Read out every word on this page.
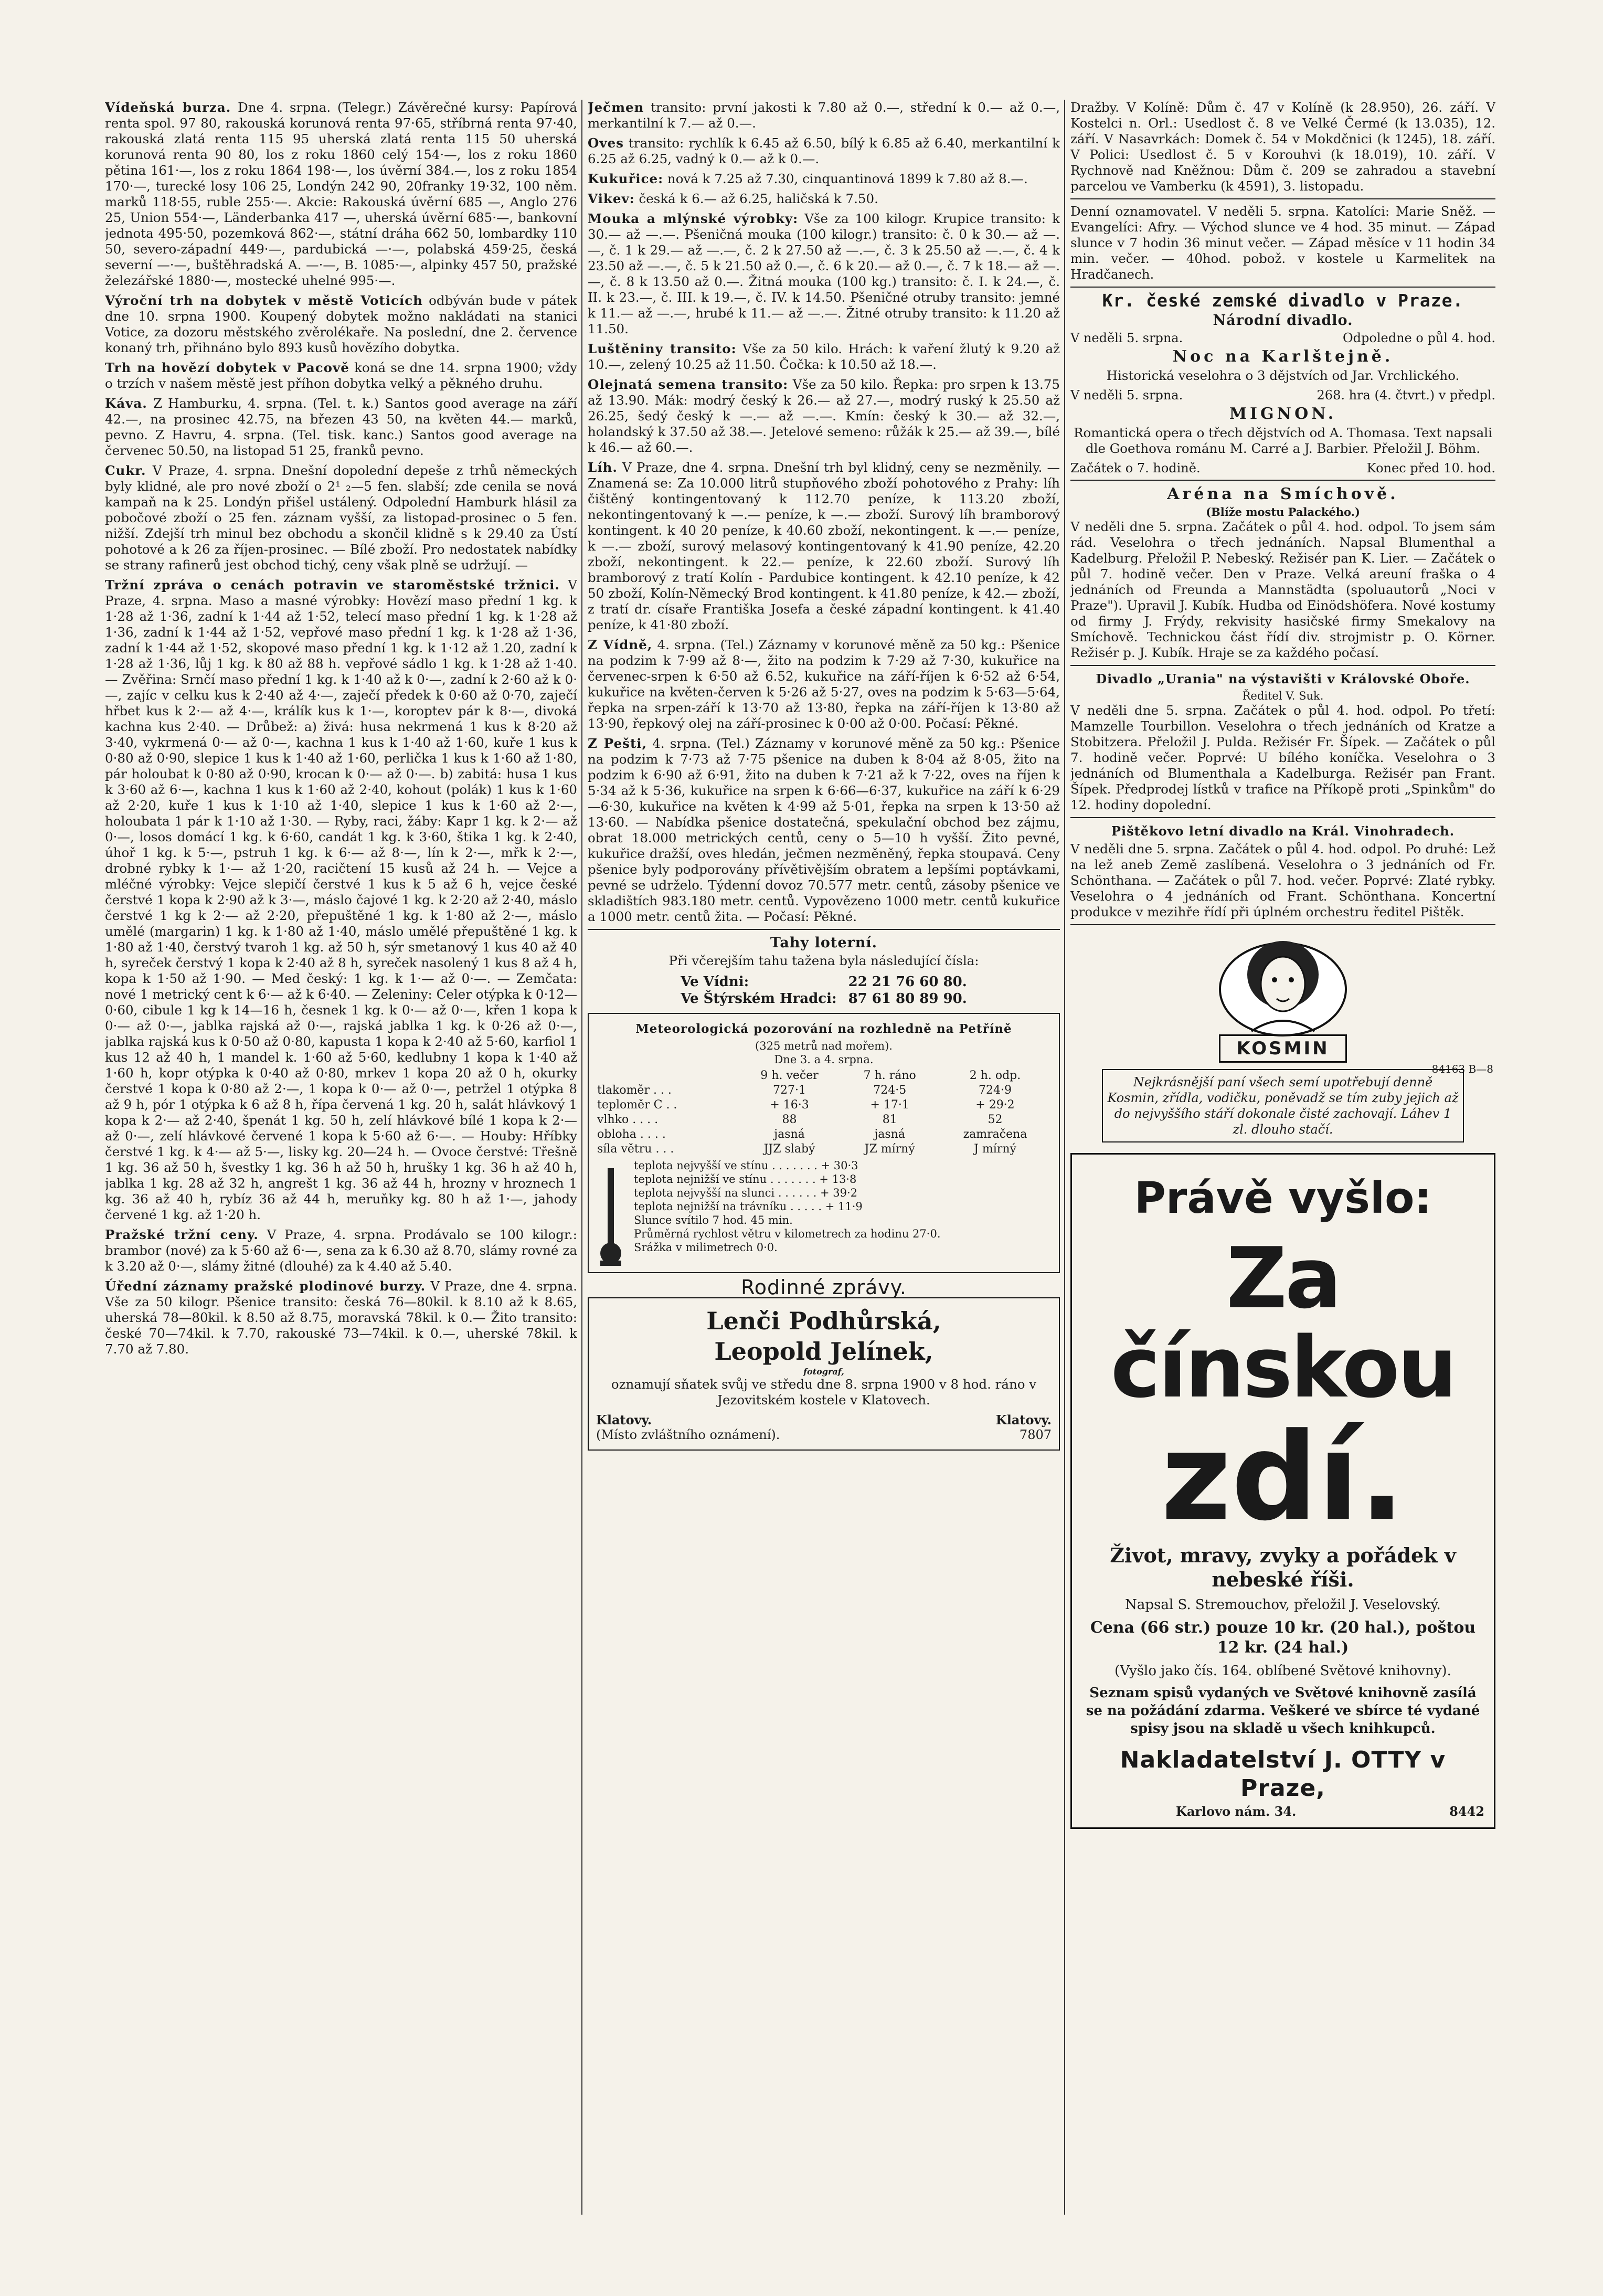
Vídeňská burza. Dne 4. srpna. (Telegr.) Závěrečné kursy: Papírová renta spol. 97 80, rakouská korunová renta 97·65, stříbrná renta 97·40, rakouská zlatá renta 115 95 uherská zlatá renta 115 50 uherská korunová renta 90 80, los z roku 1860 celý 154·—, los z roku 1860 pětina 161·—, los z roku 1864 198·—, los úvěrní 384.—, los z roku 1854 170·—, turecké losy 106 25, Londýn 242 90, 20franky 19·32, 100 něm. marků 118·55, ruble 255·—. Akcie: Rakouská úvěrní 685 —, Anglo 276 25, Union 554·—, Länderbanka 417 —, uherská úvěrní 685·—, bankovní jednota 495·50, pozemková 862·—, státní dráha 662 50, lombardky 110 50, severo-západní 449·—, pardubická —·—, polabská 459·25, česká severní —·—, buštěhradská A. —·—, B. 1085·—, alpinky 457 50, pražské železářské 1880·—, mostecké uhelné 995·—.

Výroční trh na dobytek v městě Voticích odbýván bude v pátek dne 10. srpna 1900. Koupený dobytek možno nakládati na stanici Votice, za dozoru městského zvěrolékaře. Na poslední, dne 2. července konaný trh, přihnáno bylo 893 kusů hovězího dobytka.

Trh na hovězí dobytek v Pacově koná se dne 14. srpna 1900; vždy o trzích v našem městě jest příhon dobytka velký a pěkného druhu.

Káva. Z Hamburku, 4. srpna. (Tel. t. k.) Santos good average na září 42.—, na prosinec 42.75, na březen 43 50, na květen 44.— marků, pevno. Z Havru, 4. srpna. (Tel. tisk. kanc.) Santos good average na červenec 50.50, na listopad 51 25, franků pevno.

Cukr. V Praze, 4. srpna. Dnešní dopolední depeše z trhů německých byly klidné, ale pro nové zboží o 2¹ ₂—5 fen. slabší; zde cenila se nová kampaň na k 25. Londýn přišel ustálený. Odpolední Hamburk hlásil za pobočové zboží o 25 fen. záznam vyšší, za listopad-prosinec o 5 fen. nižší. Zdejší trh minul bez obchodu a skončil klidně s k 29.40 za Ústí pohotové a k 26 za říjen-prosinec. — Bílé zboží. Pro nedostatek nabídky se strany rafinerů jest obchod tichý, ceny však plně se udržují. —

Tržní zpráva o cenách potravin ve staroměstské tržnici. V Praze, 4. srpna. Maso a masné výrobky: Hovězí maso přední 1 kg. k 1·28 až 1·36, zadní k 1·44 až 1·52, telecí maso přední 1 kg. k 1·28 až 1·36, zadní k 1·44 až 1·52, vepřové maso přední 1 kg. k 1·28 až 1·36, zadní k 1·44 až 1·52, skopové maso přední 1 kg. k 1·12 až 1.20, zadní k 1·28 až 1·36, lůj 1 kg. k 80 až 88 h. vepřové sádlo 1 kg. k 1·28 až 1·40. — Zvěřina: Srnčí maso přední 1 kg. k 1·40 až k 0·—, zadní k 2·60 až k 0·—, zajíc v celku kus k 2·40 až 4·—, zaječí předek k 0·60 až 0·70, zaječí hřbet kus k 2·— až 4·—, králík kus k 1·—, koroptev pár k 8·—, divoká kachna kus 2·40. — Drůbež: a) živá: husa nekrmená 1 kus k 8·20 až 3·40, vykrmená 0·— až 0·—, kachna 1 kus k 1·40 až 1·60, kuře 1 kus k 0·80 až 0·90, slepice 1 kus k 1·40 až 1·60, perlička 1 kus k 1·60 až 1·80, pár holoubat k 0·80 až 0·90, krocan k 0·— až 0·—. b) zabitá: husa 1 kus k 3·60 až 6·—, kachna 1 kus k 1·60 až 2·40, kohout (polák) 1 kus k 1·60 až 2·20, kuře 1 kus k 1·10 až 1·40, slepice 1 kus k 1·60 až 2·—, holoubata 1 pár k 1·10 až 1·30. — Ryby, raci, žáby: Kapr 1 kg. k 2·— až 0·—, losos domácí 1 kg. k 6·60, candát 1 kg. k 3·60, štika 1 kg. k 2·40, úhoř 1 kg. k 5·—, pstruh 1 kg. k 6·— až 8·—, lín k 2·—, mřk k 2·—, drobné rybky k 1·— až 1·20, racičtení 15 kusů až 24 h. — Vejce a mléčné výrobky: Vejce slepičí čerstvé 1 kus k 5 až 6 h, vejce české čerstvé 1 kopa k 2·90 až k 3·—, máslo čajové 1 kg. k 2·20 až 2·40, máslo čerstvé 1 kg k 2·— až 2·20, přepuštěné 1 kg. k 1·80 až 2·—, máslo umělé (margarin) 1 kg. k 1·80 až 1·40, máslo umělé přepuštěné 1 kg. k 1·80 až 1·40, čerstvý tvaroh 1 kg. až 50 h, sýr smetanový 1 kus 40 až 40 h, syreček čerstvý 1 kopa k 2·40 až 8 h, syreček nasolený 1 kus 8 až 4 h, kopa k 1·50 až 1·90. — Med český: 1 kg. k 1·— až 0·—. — Zemčata: nové 1 metrický cent k 6·— až k 6·40. — Zeleniny: Celer otýpka k 0·12—0·60, cibule 1 kg k 14—16 h, česnek 1 kg. k 0·— až 0·—, křen 1 kopa k 0·— až 0·—, jablka rajská až 0·—, rajská jablka 1 kg. k 0·26 až 0·—, jablka rajská kus k 0·50 až 0·80, kapusta 1 kopa k 2·40 až 5·60, karfiol 1 kus 12 až 40 h, 1 mandel k. 1·60 až 5·60, kedlubny 1 kopa k 1·40 až 1·60 h, kopr otýpka k 0·40 až 0·80, mrkev 1 kopa 20 až 0 h, okurky čerstvé 1 kopa k 0·80 až 2·—, 1 kopa k 0·— až 0·—, petržel 1 otýpka 8 až 9 h, pór 1 otýpka k 6 až 8 h, řípa červená 1 kg. 20 h, salát hlávkový 1 kopa k 2·— až 2·40, špenát 1 kg. 50 h, zelí hlávkové bílé 1 kopa k 2·— až 0·—, zelí hlávkové červené 1 kopa k 5·60 až 6·—. — Houby: Hříbky čerstvé 1 kg. k 4·— až 5·—, lisky kg. 20—24 h. — Ovoce čerstvé: Třešně 1 kg. 36 až 50 h, švestky 1 kg. 36 h až 50 h, hrušky 1 kg. 36 h až 40 h, jablka 1 kg. 28 až 32 h, angrešt 1 kg. 36 až 44 h, hrozny v hroznech 1 kg. 36 až 40 h, rybíz 36 až 44 h, meruňky kg. 80 h až 1·—, jahody červené 1 kg. až 1·20 h.

Pražské tržní ceny. V Praze, 4. srpna. Prodávalo se 100 kilogr.: brambor (nové) za k 5·60 až 6·—, sena za k 6.30 až 8.70, slámy rovné za k 3.20 až 0·—, slámy žitné (dlouhé) za k 4.40 až 5.40.

Úřední záznamy pražské plodinové burzy. V Praze, dne 4. srpna. Vše za 50 kilogr. Pšenice transito: česká 76—80kil. k 8.10 až k 8.65, uherská 78—80kil. k 8.50 až 8.75, moravská 78kil. k 0.— Žito transito: české 70—74kil. k 7.70, rakouské 73—74kil. k 0.—, uherské 78kil. k 7.70 až 7.80.

Ječmen transito: první jakosti k 7.80 až 0.—, střední k 0.— až 0.—, merkantilní k 7.— až 0.—.

Oves transito: rychlík k 6.45 až 6.50, bílý k 6.85 až 6.40, merkantilní k 6.25 až 6.25, vadný k 0.— až k 0.—.

Kukuřice: nová k 7.25 až 7.30, cinquantinová 1899 k 7.80 až 8.—.

Vikev: česká k 6.— až 6.25, haličská k 7.50.

Mouka a mlýnské výrobky: Vše za 100 kilogr. Krupice transito: k 30.— až —.—. Pšeničná mouka (100 kilogr.) transito: č. 0 k 30.— až —.—, č. 1 k 29.— až —.—, č. 2 k 27.50 až —.—, č. 3 k 25.50 až —.—, č. 4 k 23.50 až —.—, č. 5 k 21.50 až 0.—, č. 6 k 20.— až 0.—, č. 7 k 18.— až —.—, č. 8 k 13.50 až 0.—. Žitná mouka (100 kg.) transito: č. I. k 24.—, č. II. k 23.—, č. III. k 19.—, č. IV. k 14.50. Pšeničné otruby transito: jemné k 11.— až —.—, hrubé k 11.— až —.—. Žitné otruby transito: k 11.20 až 11.50.

Luštěniny transito: Vše za 50 kilo. Hrách: k vaření žlutý k 9.20 až 10.—, zelený 10.25 až 11.50. Čočka: k 10.50 až 18.—.

Olejnatá semena transito: Vše za 50 kilo. Řepka: pro srpen k 13.75 až 13.90. Mák: modrý český k 26.— až 27.—, modrý ruský k 25.50 až 26.25, šedý český k —.— až —.—. Kmín: český k 30.— až 32.—, holandský k 37.50 až 38.—. Jetelové semeno: růžák k 25.— až 39.—, bílé k 46.— až 60.—.

Líh. V Praze, dne 4. srpna. Dnešní trh byl klidný, ceny se nezměnily. — Znamená se: Za 10.000 litrů stupňového zboží pohotového z Prahy: líh čištěný kontingentovaný k 112.70 peníze, k 113.20 zboží, nekontingentovaný k —.— peníze, k —.— zboží. Surový líh bramborový kontingent. k 40 20 peníze, k 40.60 zboží, nekontingent. k —.— peníze, k —.— zboží, surový melasový kontingentovaný k 41.90 peníze, 42.20 zboží, nekontingent. k 22.— peníze, k 22.60 zboží. Surový líh bramborový z tratí Kolín - Pardubice kontingent. k 42.10 peníze, k 42 50 zboží, Kolín-Německý Brod kontingent. k 41.80 peníze, k 42.— zboží, z tratí dr. císaře Františka Josefa a české západní kontingent. k 41.40 peníze, k 41·80 zboží.

Z Vídně, 4. srpna. (Tel.) Záznamy v korunové měně za 50 kg.: Pšenice na podzim k 7·99 až 8·—, žito na podzim k 7·29 až 7·30, kukuřice na červenec-srpen k 6·50 až 6.52, kukuřice na září-říjen k 6·52 až 6·54, kukuřice na květen-červen k 5·26 až 5·27, oves na podzim k 5·63—5·64, řepka na srpen-září k 13·70 až 13·80, řepka na září-říjen k 13·80 až 13·90, řepkový olej na září-prosinec k 0·00 až 0·00. Počasí: Pěkné.

Z Pešti, 4. srpna. (Tel.) Záznamy v korunové měně za 50 kg.: Pšenice na podzim k 7·73 až 7·75 pšenice na duben k 8·04 až 8·05, žito na podzim k 6·90 až 6·91, žito na duben k 7·21 až k 7·22, oves na říjen k 5·34 až k 5·36, kukuřice na srpen k 6·66—6·37, kukuřice na září k 6·29—6·30, kukuřice na květen k 4·99 až 5·01, řepka na srpen k 13·50 až 13·60. — Nabídka pšenice dostatečná, spekulační obchod bez zájmu, obrat 18.000 metrických centů, ceny o 5—10 h vyšší. Žito pevné, kukuřice dražší, oves hledán, ječmen nezměněný, řepka stoupavá. Ceny pšenice byly podporovány přívětivějším obratem a lepšími poptávkami, pevné se udrželo. Týdenní dovoz 70.577 metr. centů, zásoby pšenice ve skladištích 983.180 metr. centů. Vypovězeno 1000 metr. centů kukuřice a 1000 metr. centů žita. — Počasí: Pěkné.

Tahy loterní.

Při včerejším tahu tažena byla následující čísla:

Ve Vídni:	22 21 76 60 80.
Ve Štýrském Hradci:	87 61 80 89 90.
Meteorologická pozorování na rozhledně na Petříně
(325 metrů nad mořem).
Dne 3. a 4. srpna.
	9 h. večer	7 h. ráno	2 h. odp.
tlakoměr . . .	727·1	724·5	724·9
teploměr C . .	+ 16·3	+ 17·1	+ 29·2
vlhko . . . .	88	81	52
obloha . . . .	jasná	jasná	zamračena
síla větru . . .	JJZ slabý	JZ mírný	J mírný
teplota nejvyšší ve stínu . . . . . . . + 30·3
teplota nejnižší ve stínu . . . . . . . + 13·8
teplota nejvyšší na slunci . . . . . . + 39·2
teplota nejnižší na trávníku . . . . . + 11·9
Slunce svítilo 7 hod. 45 min.
Průměrná rychlost větru v kilometrech za hodinu 27·0.
Srážka v milimetrech 0·0.
Rodinné zprávy.
Lenči Podhůrská,
Leopold Jelínek,
fotograf,

oznamují sňatek svůj ve středu dne 8. srpna 1900 v 8 hod. ráno v Jezovitském kostele v Klatovech.

Klatovy.	Klatovy.
(Místo zvláštního oznámení).	7807

Dražby. V Kolíně: Dům č. 47 v Kolíně (k 28.950), 26. září. V Kostelci n. Orl.: Usedlost č. 8 ve Velké Čermé (k 13.035), 12. září. V Nasavrkách: Domek č. 54 v Mokdčnici (k 1245), 18. září. V Polici: Usedlost č. 5 v Korouhvi (k 18.019), 10. září. V Rychnově nad Kněžnou: Dům č. 209 se zahradou a stavební parcelou ve Vamberku (k 4591), 3. listopadu.

Denní oznamovatel. V neděli 5. srpna. Katolíci: Marie Sněž. — Evangelíci: Afry. — Východ slunce ve 4 hod. 35 minut. — Západ slunce v 7 hodin 36 minut večer. — Západ měsíce v 11 hodin 34 min. večer. — 40hod. pobož. v kostele u Karmelitek na Hradčanech.

Kr. české zemské divadlo v Praze.
Národní divadlo.
V neděli 5. srpna.	Odpoledne o půl 4. hod.
Noc na Karlštejně.

Historická veselohra o 3 dějstvích od Jar. Vrchlického.

V neděli 5. srpna.	268. hra (4. čtvrt.) v předpl.
MIGNON.

Romantická opera o třech dějstvích od A. Thomasa. Text napsali dle Goethova románu M. Carré a J. Barbier. Přeložil J. Böhm.

Začátek o 7. hodině.	Konec před 10. hod.
Aréna na Smíchově.
(Blíže mostu Palackého.)

V neděli dne 5. srpna. Začátek o půl 4. hod. odpol. To jsem sám rád. Veselohra o třech jednáních. Napsal Blumenthal a Kadelburg. Přeložil P. Nebeský. Režisér pan K. Lier. — Začátek o půl 7. hodině večer. Den v Praze. Velká areuní fraška o 4 jednáních od Freunda a Mannstädta (spoluautorů „Noci v Praze"). Upravil J. Kubík. Hudba od Einödshöfera. Nové kostumy od firmy J. Frýdy, rekvisity hasičské firmy Smekalovy na Smíchově. Technickou část řídí div. strojmistr p. O. Körner. Režisér p. J. Kubík. Hraje se za každého počasí.

Divadlo „Urania" na výstavišti v Královské Oboře.
Ředitel V. Suk.

V neděli dne 5. srpna. Začátek o půl 4. hod. odpol. Po třetí: Mamzelle Tourbillon. Veselohra o třech jednáních od Kratze a Stobitzera. Přeložil J. Pulda. Režisér Fr. Šípek. — Začátek o půl 7. hodině večer. Poprvé: U bílého koníčka. Veselohra o 3 jednáních od Blumenthala a Kadelburga. Režisér pan Frant. Šípek. Předprodej lístků v trafice na Příkopě proti „Spinkům" do 12. hodiny dopolední.

Pištěkovo letní divadlo na Král. Vinohradech.

V neděli dne 5. srpna. Začátek o půl 4. hod. odpol. Po druhé: Lež na lež aneb Země zaslíbená. Veselohra o 3 jednáních od Fr. Schönthana. — Začátek o půl 7. hod. večer. Poprvé: Zlaté rybky. Veselohra o 4 jednáních od Frant. Schönthana. Koncertní produkce v mezihře řídí při úplném orchestru ředitel Pištěk.

KOSMIN
84163 B—8
Nejkrásnější paní všech semí upotřebují denně Kosmin, zřídla, vodičku, poněvadž se tím zuby jejich až do nejvyššího stáří dokonale čisté zachovají. Láhev 1 zl. dlouho stačí.
Právě vyšlo:
Za čínskou
zdí.

Život, mravy, zvyky a pořádek v nebeské říši.

Napsal S. Stremouchov, přeložil J. Veselovský.

Cena (66 str.) pouze 10 kr. (20 hal.), poštou 12 kr. (24 hal.)

(Vyšlo jako čís. 164. oblíbené Světové knihovny).

Seznam spisů vydaných ve Světové knihovně zasílá se na požádání zdarma. Veškeré ve sbírce té vydané spisy jsou na skladě u všech knihkupců.

Nakladatelství J. OTTY v Praze,
Karlovo nám. 34.	8442
